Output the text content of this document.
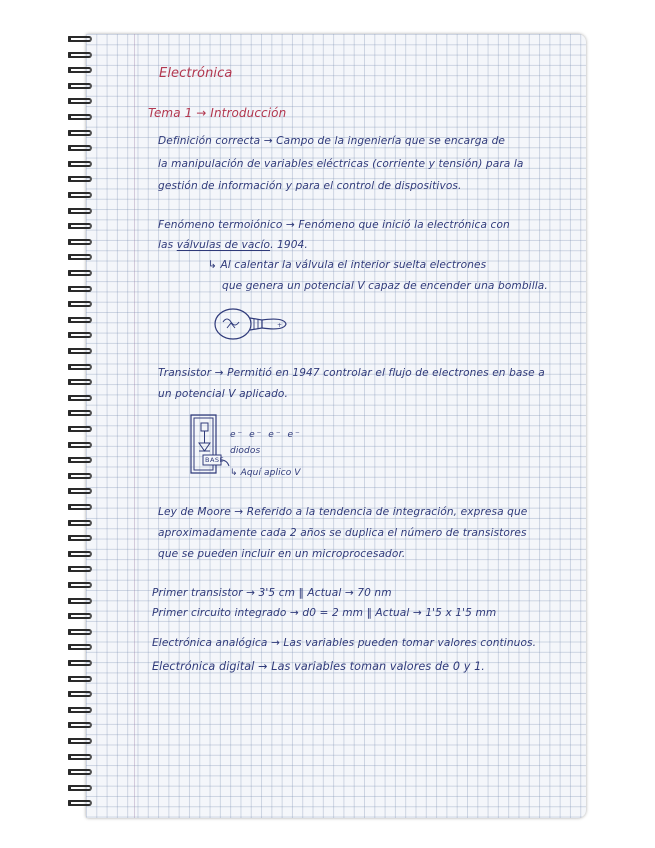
Electrónica
Tema 1 → Introducción
Definición correcta → Campo de la ingeniería que se encarga de
la manipulación de variables eléctricas (corriente y tensión) para la
gestión de información y para el control de dispositivos.
Fenómeno termoiónico → Fenómeno que inició la electrónica con
las válvulas de vacío. 1904.
↳ Al calentar la válvula el interior suelta electrones
que genera un potencial V capaz de encender una bombilla.
+
Transistor → Permitió en 1947 controlar el flujo de electrones en base a
un potencial V aplicado.
e⁻ e⁻ e⁻ e⁻
diodos
BASE
↳ Aquí aplico V
Ley de Moore → Referido a la tendencia de integración, expresa que
aproximadamente cada 2 años se duplica el número de transistores
que se pueden incluir en un microprocesador.
Primer transistor → 3'5 cm ‖ Actual → 70 nm
Primer circuito integrado → d0 = 2 mm ‖ Actual → 1'5 x 1'5 mm
Electrónica analógica → Las variables pueden tomar valores continuos.
Electrónica digital → Las variables toman valores de 0 y 1.
